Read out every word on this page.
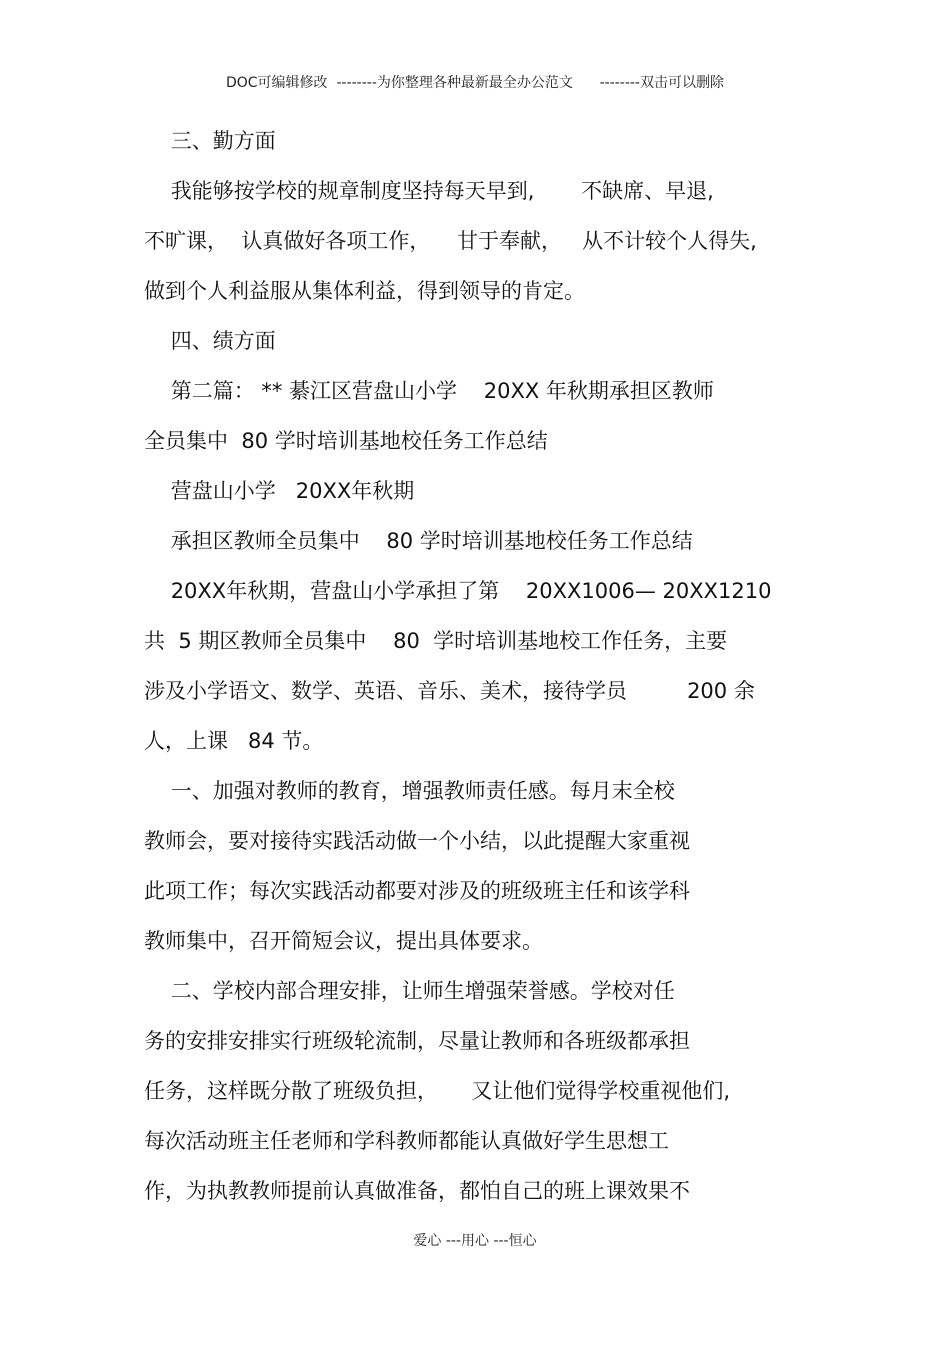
DOC可编辑修改  --------为你整理各种最新最全办公范文      --------双击可以删除
三、勤方面
我能够按学校的规章制度坚持每天早到,       不缺席、早退,
不旷课，  认真做好各项工作，    甘于奉献，   从不计较个人得失,
做到个人利益服从集体利益，得到领导的肯定。
四、绩方面
第二篇： ** 綦江区营盘山小学    20XX 年秋期承担区教师
全员集中  80 学时培训基地校任务工作总结
营盘山小学   20XX年秋期
承担区教师全员集中    80 学时培训基地校任务工作总结
20XX年秋期，营盘山小学承担了第    20XX1006— 20XX1210
共  5 期区教师全员集中    80  学时培训基地校工作任务，主要
涉及小学语文、数学、英语、音乐、美术，接待学员         200 余
人，上课   84 节。
一、加强对教师的教育，增强教师责任感。每月末全校
教师会，要对接待实践活动做一个小结，以此提醒大家重视
此项工作；每次实践活动都要对涉及的班级班主任和该学科
教师集中，召开简短会议，提出具体要求。
二、学校内部合理安排，让师生增强荣誉感。学校对任
务的安排安排实行班级轮流制，尽量让教师和各班级都承担
任务，这样既分散了班级负担，     又让他们觉得学校重视他们,
每次活动班主任老师和学科教师都能认真做好学生思想工
作，为执教教师提前认真做准备，都怕自己的班上课效果不
爱心 ---用心 ---恒心
